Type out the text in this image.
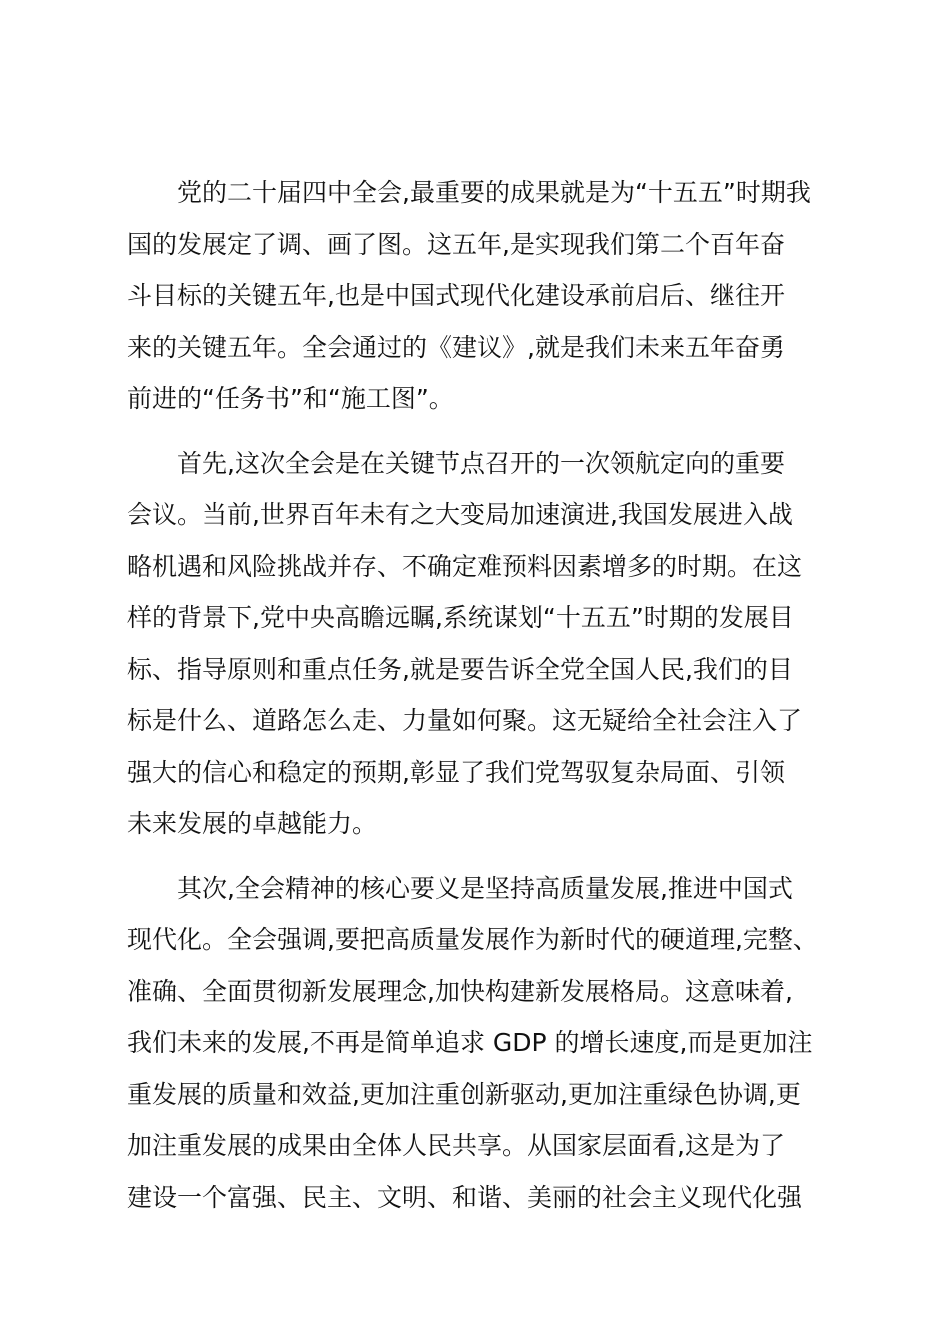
党的二十届四中全会,最重要的成果就是为“十五五”时期我
国的发展定了调、画了图。这五年,是实现我们第二个百年奋
斗目标的关键五年,也是中国式现代化建设承前启后、继往开
来的关键五年。全会通过的《建议》,就是我们未来五年奋勇
前进的“任务书”和“施工图”。
首先,这次全会是在关键节点召开的一次领航定向的重要
会议。当前,世界百年未有之大变局加速演进,我国发展进入战
略机遇和风险挑战并存、不确定难预料因素增多的时期。在这
样的背景下,党中央高瞻远瞩,系统谋划“十五五”时期的发展目
标、指导原则和重点任务,就是要告诉全党全国人民,我们的目
标是什么、道路怎么走、力量如何聚。这无疑给全社会注入了
强大的信心和稳定的预期,彰显了我们党驾驭复杂局面、引领
未来发展的卓越能力。
其次,全会精神的核心要义是坚持高质量发展,推进中国式
现代化。全会强调,要把高质量发展作为新时代的硬道理,完整、
准确、全面贯彻新发展理念,加快构建新发展格局。这意味着,
我们未来的发展,不再是简单追求 GDP 的增长速度,而是更加注
重发展的质量和效益,更加注重创新驱动,更加注重绿色协调,更
加注重发展的成果由全体人民共享。从国家层面看,这是为了
建设一个富强、民主、文明、和谐、美丽的社会主义现代化强
